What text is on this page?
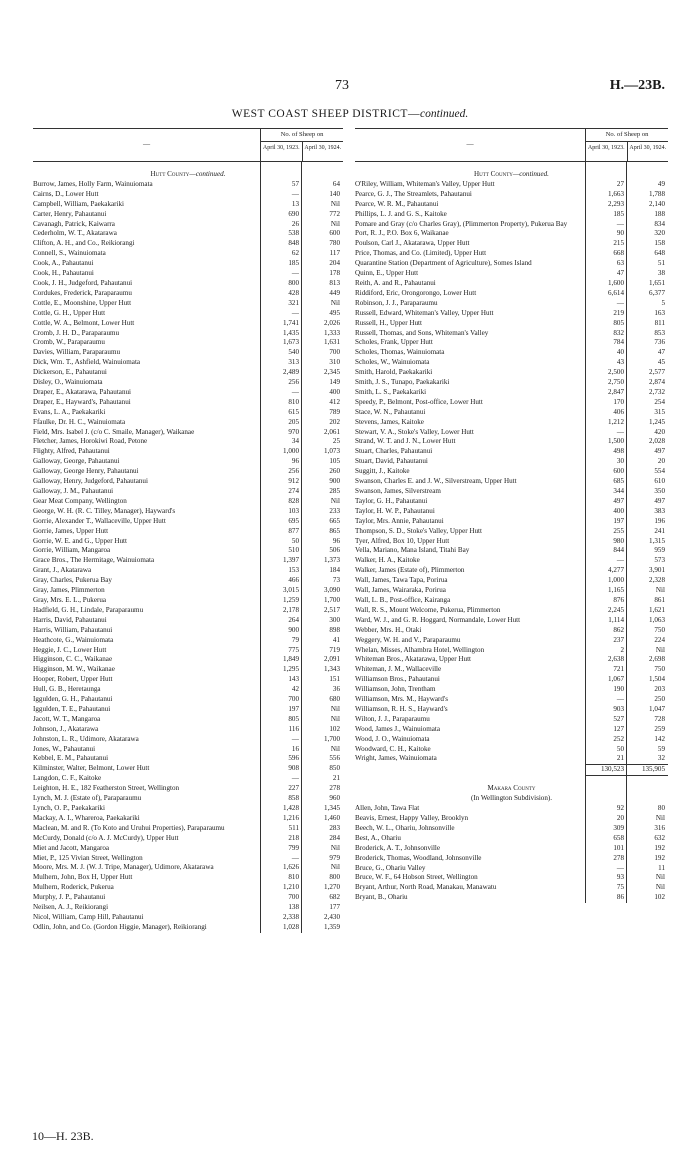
73	H.—23B.
WEST COAST SHEEP DISTRICT—continued.
—
No. of Sheep on
April 30, 1923. April 30, 1924.
Hutt County—continued.
Burrow, James, Holly Farm, Wainuiomata	57	64
Cairns, D., Lower Hutt	—	140
Campbell, William, Paekakariki	13	Nil
Carter, Henry, Pahautanui	690	772
Cavanagh, Patrick, Kaiwarra	26	Nil
Cederholm, W. T., Akatarawa	538	600
Clifton, A. H., and Co., Reikiorangi	848	780
Connell, S., Wainuiomata	62	117
Cook, A., Pahautanui	185	204
Cook, H., Pahautanui	—	178
Cook, J. H., Judgeford, Pahautanui	800	813
Cordukes, Frederick, Paraparaumu	428	449
Cottle, E., Moonshine, Upper Hutt	321	Nil
Cottle, G. H., Upper Hutt	—	495
Cottle, W. A., Belmont, Lower Hutt	1,741	2,026
Cromb, J. H. D., Paraparaumu	1,435	1,333
Cromb, W., Paraparaumu	1,673	1,631
Davies, William, Paraparaumu	540	700
Dick, Wm. T., Ashfield, Wainuiomata	313	310
Dickerson, E., Pahautanui	2,489	2,345
Disley, O., Wainuiomata	256	149
Draper, E., Akatarawa, Pahautanui	—	400
Draper, E., Hayward's, Pahautanui	810	412
Evans, L. A., Paekakariki	615	789
Ffaulke, Dr. H. C., Wainuiomata	205	202
Field, Mrs. Isabel J. (c/o C. Smaile, Manager), Waikanae	970	2,061
Fletcher, James, Horokiwi Road, Petone	34	25
Flighty, Alfred, Pahautanui	1,000	1,073
Galloway, George, Pahautanui	96	105
Galloway, George Henry, Pahautanui	256	260
Galloway, Henry, Judgeford, Pahautanui	912	900
Galloway, J. M., Pahautanui	274	285
Gear Meat Company, Wellington	828	Nil
George, W. H. (R. C. Tilley, Manager), Hayward's	103	233
Gorrie, Alexander T., Wallaceville, Upper Hutt	695	665
Gorrie, James, Upper Hutt	877	865
Gorrie, W. E. and G., Upper Hutt	50	96
Gorrie, William, Mangaroa	510	506
Grace Bros., The Hermitage, Wainuiomata	1,397	1,373
Grant, J., Akatarawa	153	184
Gray, Charles, Pukerua Bay	466	73
Gray, James, Plimmerton	3,015	3,090
Gray, Mrs. E. L., Pukerua	1,259	1,700
Hadfield, G. H., Lindale, Paraparaumu	2,178	2,517
Harris, David, Pahautanui	264	300
Harris, William, Pahautanui	900	898
Heathcote, G., Wainuiomata	79	41
Heggie, J. C., Lower Hutt	775	719
Higginson, C. C., Waikanae	1,849	2,091
Higginson, M. W., Waikanae	1,295	1,343
Hooper, Robert, Upper Hutt	143	151
Hull, G. B., Heretaunga	42	36
Iggulden, G. H., Pahautanui	700	680
Iggulden, T. E., Pahautanui	197	Nil
Jacott, W. T., Mangaroa	805	Nil
Johnson, J., Akatarawa	116	102
Johnston, L. R., Udimore, Akatarawa	—	1,700
Jones, W., Pahautanui	16	Nil
Kebbel, E. M., Pahautanui	596	556
Kilminster, Walter, Belmont, Lower Hutt	908	850
Langdon, C. F., Kaitoke	—	21
Leighton, H. E., 182 Featherston Street, Wellington	227	278
Lynch, M. J. (Estate of), Paraparaumu	858	960
Lynch, O. P., Paekakariki	1,428	1,345
Mackay, A. I., Wharerоа, Paekakariki	1,216	1,460
Maclean, M. and R. (To Koto and Uruhui Properties), Paraparaumu	511	283
McCurdy, Donald (c/o A. J. McCurdy), Upper Hutt	218	284
Miet and Jacott, Mangaroa	799	Nil
Miet, P., 125 Vivian Street, Wellington	—	979
Moore, Mrs. M. J. (W. J. Tripe, Manager), Udimore, Akatarawa	1,626	Nil
Mulhern, John, Box H, Upper Hutt	810	800
Mulhern, Roderick, Pukerua	1,210	1,270
Murphy, J. P., Pahautanui	700	682
Neilsen, A. J., Reikiorangi	138	177
Nicol, William, Camp Hill, Pahautanui	2,338	2,430
Odlin, John, and Co. (Gordon Higgie, Manager), Reikiorangi	1,028	1,359
—
No. of Sheep on
April 30, 1923. April 30, 1924.
Hutt County—continued.
O'Riley, William, Whiteman's Valley, Upper Hutt	27	49
Pearce, G. J., The Streamlets, Pahautanui	1,663	1,788
Pearce, W. R. M., Pahautanui	2,293	2,140
Phillips, L. J. and G. S., Kaitoke	185	188
Pomare and Gray (c/o Charles Gray), (Plimmerton Property), Pukerua Bay	—	834
Port, R. J., P.O. Box 6, Waikanae	90	320
Poulson, Carl J., Akatarawa, Upper Hutt	215	158
Price, Thomas, and Co. (Limited), Upper Hutt	668	648
Quarantine Station (Department of Agriculture), Somes Island	63	51
Quinn, E., Upper Hutt	47	38
Reith, A. and R., Pahautanui	1,600	1,651
Riddiford, Eric, Orongorongo, Lower Hutt	6,614	6,377
Robinson, J. J., Paraparaumu	—	5
Russell, Edward, Whiteman's Valley, Upper Hutt	219	163
Russell, H., Upper Hutt	805	811
Russell, Thomas, and Sons, Whiteman's Valley	832	853
Scholes, Frank, Upper Hutt	784	736
Scholes, Thomas, Wainuiomata	40	47
Scholes, W., Wainuiomata	43	45
Smith, Harold, Paekakariki	2,500	2,577
Smith, J. S., Tunapo, Paekakariki	2,750	2,874
Smith, L. S., Paekakariki	2,847	2,732
Speedy, P., Belmont, Post-office, Lower Hutt	170	254
Stace, W. N., Pahautanui	406	315
Stevens, James, Kaitoke	1,212	1,245
Stewart, V. A., Stoke's Valley, Lower Hutt	—	420
Strand, W. T. and J. N., Lower Hutt	1,500	2,028
Stuart, Charles, Pahautanui	498	497
Stuart, David, Pahautanui	30	20
Suggitt, J., Kaitoke	600	554
Swanson, Charles E. and J. W., Silverstream, Upper Hutt	685	610
Swanson, James, Silverstream	344	350
Taylor, G. H., Pahautanui	497	497
Taylor, H. W. P., Pahautanui	400	383
Taylor, Mrs. Annie, Pahautanui	197	196
Thompson, S. D., Stoke's Valley, Upper Hutt	255	241
Tyer, Alfred, Box 10, Upper Hutt	980	1,315
Vella, Mariano, Mana Island, Titahi Bay	844	959
Walker, H. A., Kaitoke	—	573
Walker, James (Estate of), Plimmerton	4,277	3,901
Wall, James, Tawa Tapa, Porirua	1,000	2,328
Wall, James, Wairaraka, Porirua	1,165	Nil
Wall, L. B., Post-office, Kairanga	876	861
Wall, R. S., Mount Welcome, Pukerua, Plimmerton	2,245	1,621
Ward, W. J., and G. R. Hoggard, Normandale, Lower Hutt	1,114	1,063
Webber, Mrs. H., Otaki	862	750
Weggery, W. H. and V., Paraparaumu	237	224
Whelan, Misses, Alhambra Hotel, Wellington	2	Nil
Whiteman Bros., Akatarawa, Upper Hutt	2,638	2,698
Whiteman, J. M., Wallaceville	721	750
Williamson Bros., Pahautanui	1,067	1,504
Williamson, John, Trentham	190	203
Williamson, Mrs. M., Hayward's	—	250
Williamson, R. H. S., Hayward's	903	1,047
Wilton, J. J., Paraparaumu	527	728
Wood, James J., Wainuiomata	127	259
Wood, J. O., Wainuiomata	252	142
Woodward, C. H., Kaitoke	50	59
Wright, James, Wainuiomata	21	32
130,523	135,905
Makara County
(In Wellington Subdivision).
Allen, John, Tawa Flat	92	80
Beavis, Ernest, Happy Valley, Brooklyn	20	Nil
Beech, W. L., Ohariu, Johnsonville	309	316
Best, A., Ohariu	658	632
Broderick, A. T., Johnsonville	101	192
Broderick, Thomas, Woodland, Johnsonville	278	192
Bruce, G., Ohariu Valley	—	11
Bruce, W. F., 64 Hobson Street, Wellington	93	Nil
Bryant, Arthur, North Road, Manakau, Manawatu	75	Nil
Bryant, B., Ohariu	86	102
10—H. 23B.
